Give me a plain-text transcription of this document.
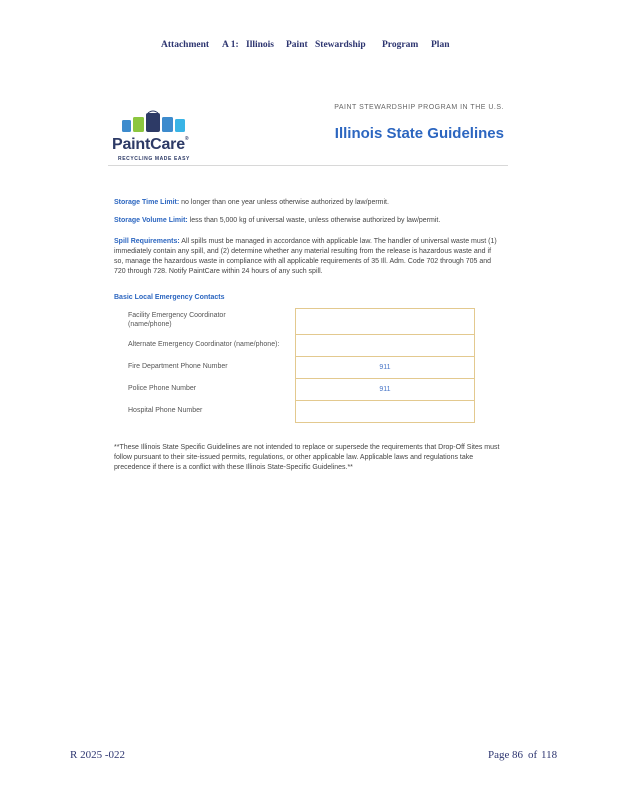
Attachment A 1: Illinois Paint Stewardship Program Plan
PaintCare®
RECYCLING MADE EASY
PAINT STEWARDSHIP PROGRAM IN THE U.S.
Illinois State Guidelines
Storage Time Limit: no longer than one year unless otherwise authorized by law/permit.
Storage Volume Limit: less than 5,000 kg of universal waste, unless otherwise authorized by law/permit.
Spill Requirements: All spills must be managed in accordance with applicable law. The handler of universal waste must (1) immediately contain any spill, and (2) determine whether any material resulting from the release is hazardous waste and if so, manage the hazardous waste in compliance with all applicable requirements of 35 Ill. Adm. Code 702 through 705 and 720 through 728. Notify PaintCare within 24 hours of any such spill.
Basic Local Emergency Contacts
Facility Emergency Coordinator (name/phone)
Alternate Emergency Coordinator (name/phone):
Fire Department Phone Number
Police Phone Number
Hospital Phone Number
911
911
**These Illinois State Specific Guidelines are not intended to replace or supersede the requirements that Drop-Off Sites must follow pursuant to their site-issued permits, regulations, or other applicable law. Applicable laws and regulations take precedence if there is a conflict with these Illinois State-Specific Guidelines.**
R 2025 -022	Page 86 of 118
